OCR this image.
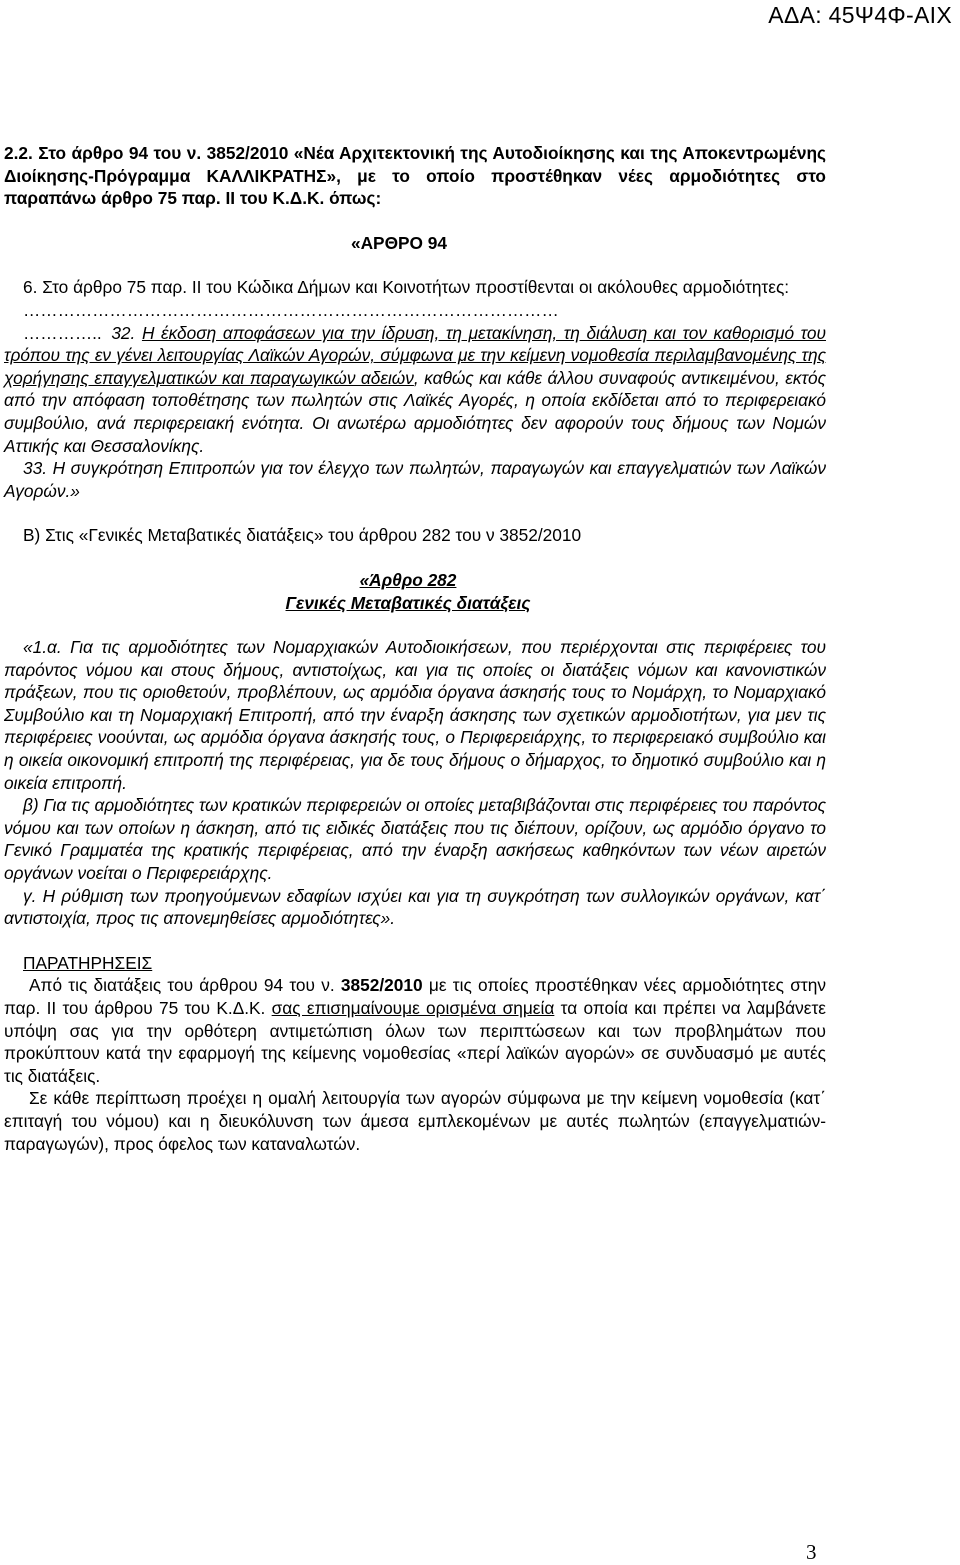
ΑΔΑ: 45Ψ4Φ-ΑΙΧ

2.2. Στο άρθρο 94 του ν. 3852/2010 «Νέα Αρχιτεκτονική της Αυτοδιοίκησης και της Αποκεντρωμένης Διοίκησης-Πρόγραμμα ΚΑΛΛΙΚΡΑΤΗΣ», με το οποίο προστέθηκαν νέες αρμοδιότητες στο παραπάνω άρθρο 75 παρ. ΙΙ του Κ.Δ.Κ. όπως:

«ΑΡΘΡΟ 94

6. Στο άρθρο 75 παρ. ΙΙ του Κώδικα Δήμων και Κοινοτήτων προστίθενται οι ακόλουθες αρμοδιότητες:

…………………………………………………………………………………

………….. 32. Η έκδοση αποφάσεων για την ίδρυση, τη μετακίνηση, τη διάλυση και τον καθορισμό του τρόπου της εν γένει λειτουργίας Λαϊκών Αγορών, σύμφωνα με την κείμενη νομοθεσία περιλαμβανομένης της χορήγησης επαγγελματικών και παραγωγικών αδειών, καθώς και κάθε άλλου συναφούς αντικειμένου, εκτός από την απόφαση τοποθέτησης των πωλητών στις Λαϊκές Αγορές, η οποία εκδίδεται από το περιφερειακό συμβούλιο, ανά περιφερειακή ενότητα. Οι ανωτέρω αρμοδιότητες δεν αφορούν τους δήμους των Νομών Αττικής και Θεσσαλονίκης.

33. Η συγκρότηση Επιτροπών για τον έλεγχο των πωλητών, παραγωγών και επαγγελματιών των Λαϊκών Αγορών.»

Β) Στις «Γενικές Μεταβατικές διατάξεις» του άρθρου 282 του ν 3852/2010

«Άρθρο 282

Γενικές Μεταβατικές διατάξεις

«1.α. Για τις αρμοδιότητες των Νομαρχιακών Αυτοδιοικήσεων, που περιέρχονται στις περιφέρειες του παρόντος νόμου και στους δήμους, αντιστοίχως, και για τις οποίες οι διατάξεις νόμων και κανονιστικών πράξεων, που τις οριοθετούν, προβλέπουν, ως αρμόδια όργανα άσκησής τους το Νομάρχη, το Νομαρχιακό Συμβούλιο και τη Νομαρχιακή Επιτροπή, από την έναρξη άσκησης των σχετικών αρμοδιοτήτων, για μεν τις περιφέρειες νοούνται, ως αρμόδια όργανα άσκησής τους, ο Περιφερειάρχης, το περιφερειακό συμβούλιο και η οικεία οικονομική επιτροπή της περιφέρειας, για δε τους δήμους ο δήμαρχος, το δημοτικό συμβούλιο και η οικεία επιτροπή.

β) Για τις αρμοδιότητες των κρατικών περιφερειών οι οποίες μεταβιβάζονται στις περιφέρειες του παρόντος νόμου και των οποίων η άσκηση, από τις ειδικές διατάξεις που τις διέπουν, ορίζουν, ως αρμόδιο όργανο το Γενικό Γραμματέα της κρατικής περιφέρειας, από την έναρξη ασκήσεως καθηκόντων των νέων αιρετών οργάνων νοείται ο Περιφερειάρχης.

γ. Η ρύθμιση των προηγούμενων εδαφίων ισχύει και για τη συγκρότηση των συλλογικών οργάνων, κατ΄ αντιστοιχία, προς τις απονεμηθείσες αρμοδιότητες».

ΠΑΡΑΤΗΡΗΣΕΙΣ

Από τις διατάξεις του άρθρου 94 του ν. 3852/2010 με τις οποίες προστέθηκαν νέες αρμοδιότητες στην παρ. ΙΙ του άρθρου 75 του Κ.Δ.Κ. σας επισημαίνουμε ορισμένα σημεία τα οποία και πρέπει να λαμβάνετε υπόψη σας για την ορθότερη αντιμετώπιση όλων των περιπτώσεων και των προβλημάτων που προκύπτουν κατά την εφαρμογή της κείμενης νομοθεσίας «περί λαϊκών αγορών» σε συνδυασμό με αυτές τις διατάξεις.

Σε κάθε περίπτωση προέχει η ομαλή λειτουργία των αγορών σύμφωνα με την κείμενη νομοθεσία (κατ΄ επιταγή του νόμου) και η διευκόλυνση των άμεσα εμπλεκομένων με αυτές πωλητών (επαγγελματιών- παραγωγών), προς όφελος των καταναλωτών.

3
